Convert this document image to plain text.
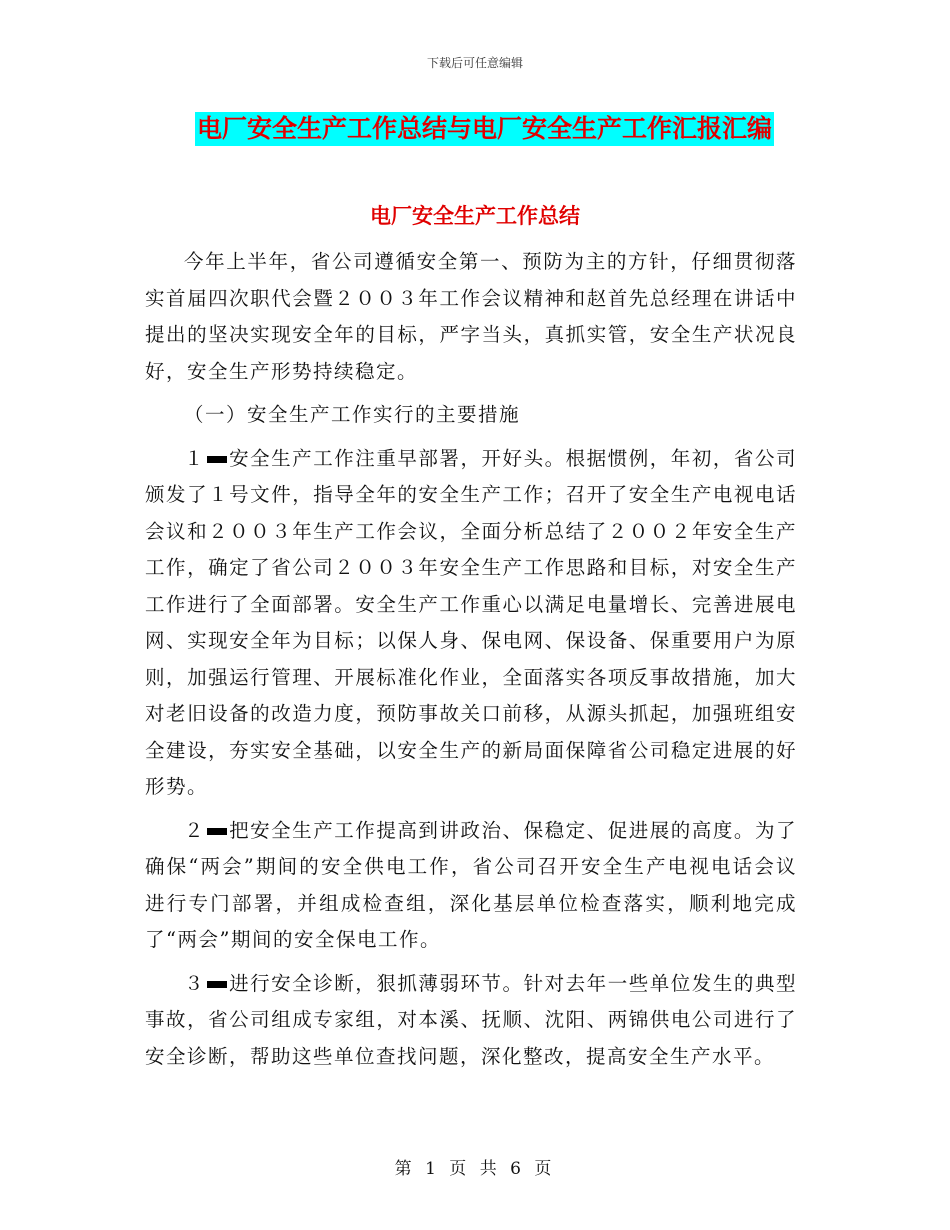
下载后可任意编辑
电厂安全生产工作总结与电厂安全生产工作汇报汇编
电厂安全生产工作总结

今年上半年，省公司遵循安全第一、预防为主的方针，仔细贯彻落实首届四次职代会暨２００３年工作会议精神和赵首先总经理在讲话中提出的坚决实现安全年的目标，严字当头，真抓实管，安全生产状况良好，安全生产形势持续稳定。

（一）安全生产工作实行的主要措施

１ 安全生产工作注重早部署，开好头。根据惯例，年初，省公司颁发了１号文件，指导全年的安全生产工作；召开了安全生产电视电话会议和２００３年生产工作会议，全面分析总结了２００２年安全生产工作，确定了省公司２００３年安全生产工作思路和目标，对安全生产工作进行了全面部署。安全生产工作重心以满足电量增长、完善进展电网、实现安全年为目标；以保人身、保电网、保设备、保重要用户为原则，加强运行管理、开展标准化作业，全面落实各项反事故措施，加大对老旧设备的改造力度，预防事故关口前移，从源头抓起，加强班组安全建设，夯实安全基础，以安全生产的新局面保障省公司稳定进展的好形势。

２ 把安全生产工作提高到讲政治、保稳定、促进展的高度。为了确保“两会”期间的安全供电工作，省公司召开安全生产电视电话会议进行专门部署，并组成检查组，深化基层单位检查落实，顺利地完成了“两会”期间的安全保电工作。

３ 进行安全诊断，狠抓薄弱环节。针对去年一些单位发生的典型事故，省公司组成专家组，对本溪、抚顺、沈阳、两锦供电公司进行了安全诊断，帮助这些单位查找问题，深化整改，提高安全生产水平。

第 1 页 共 6 页
